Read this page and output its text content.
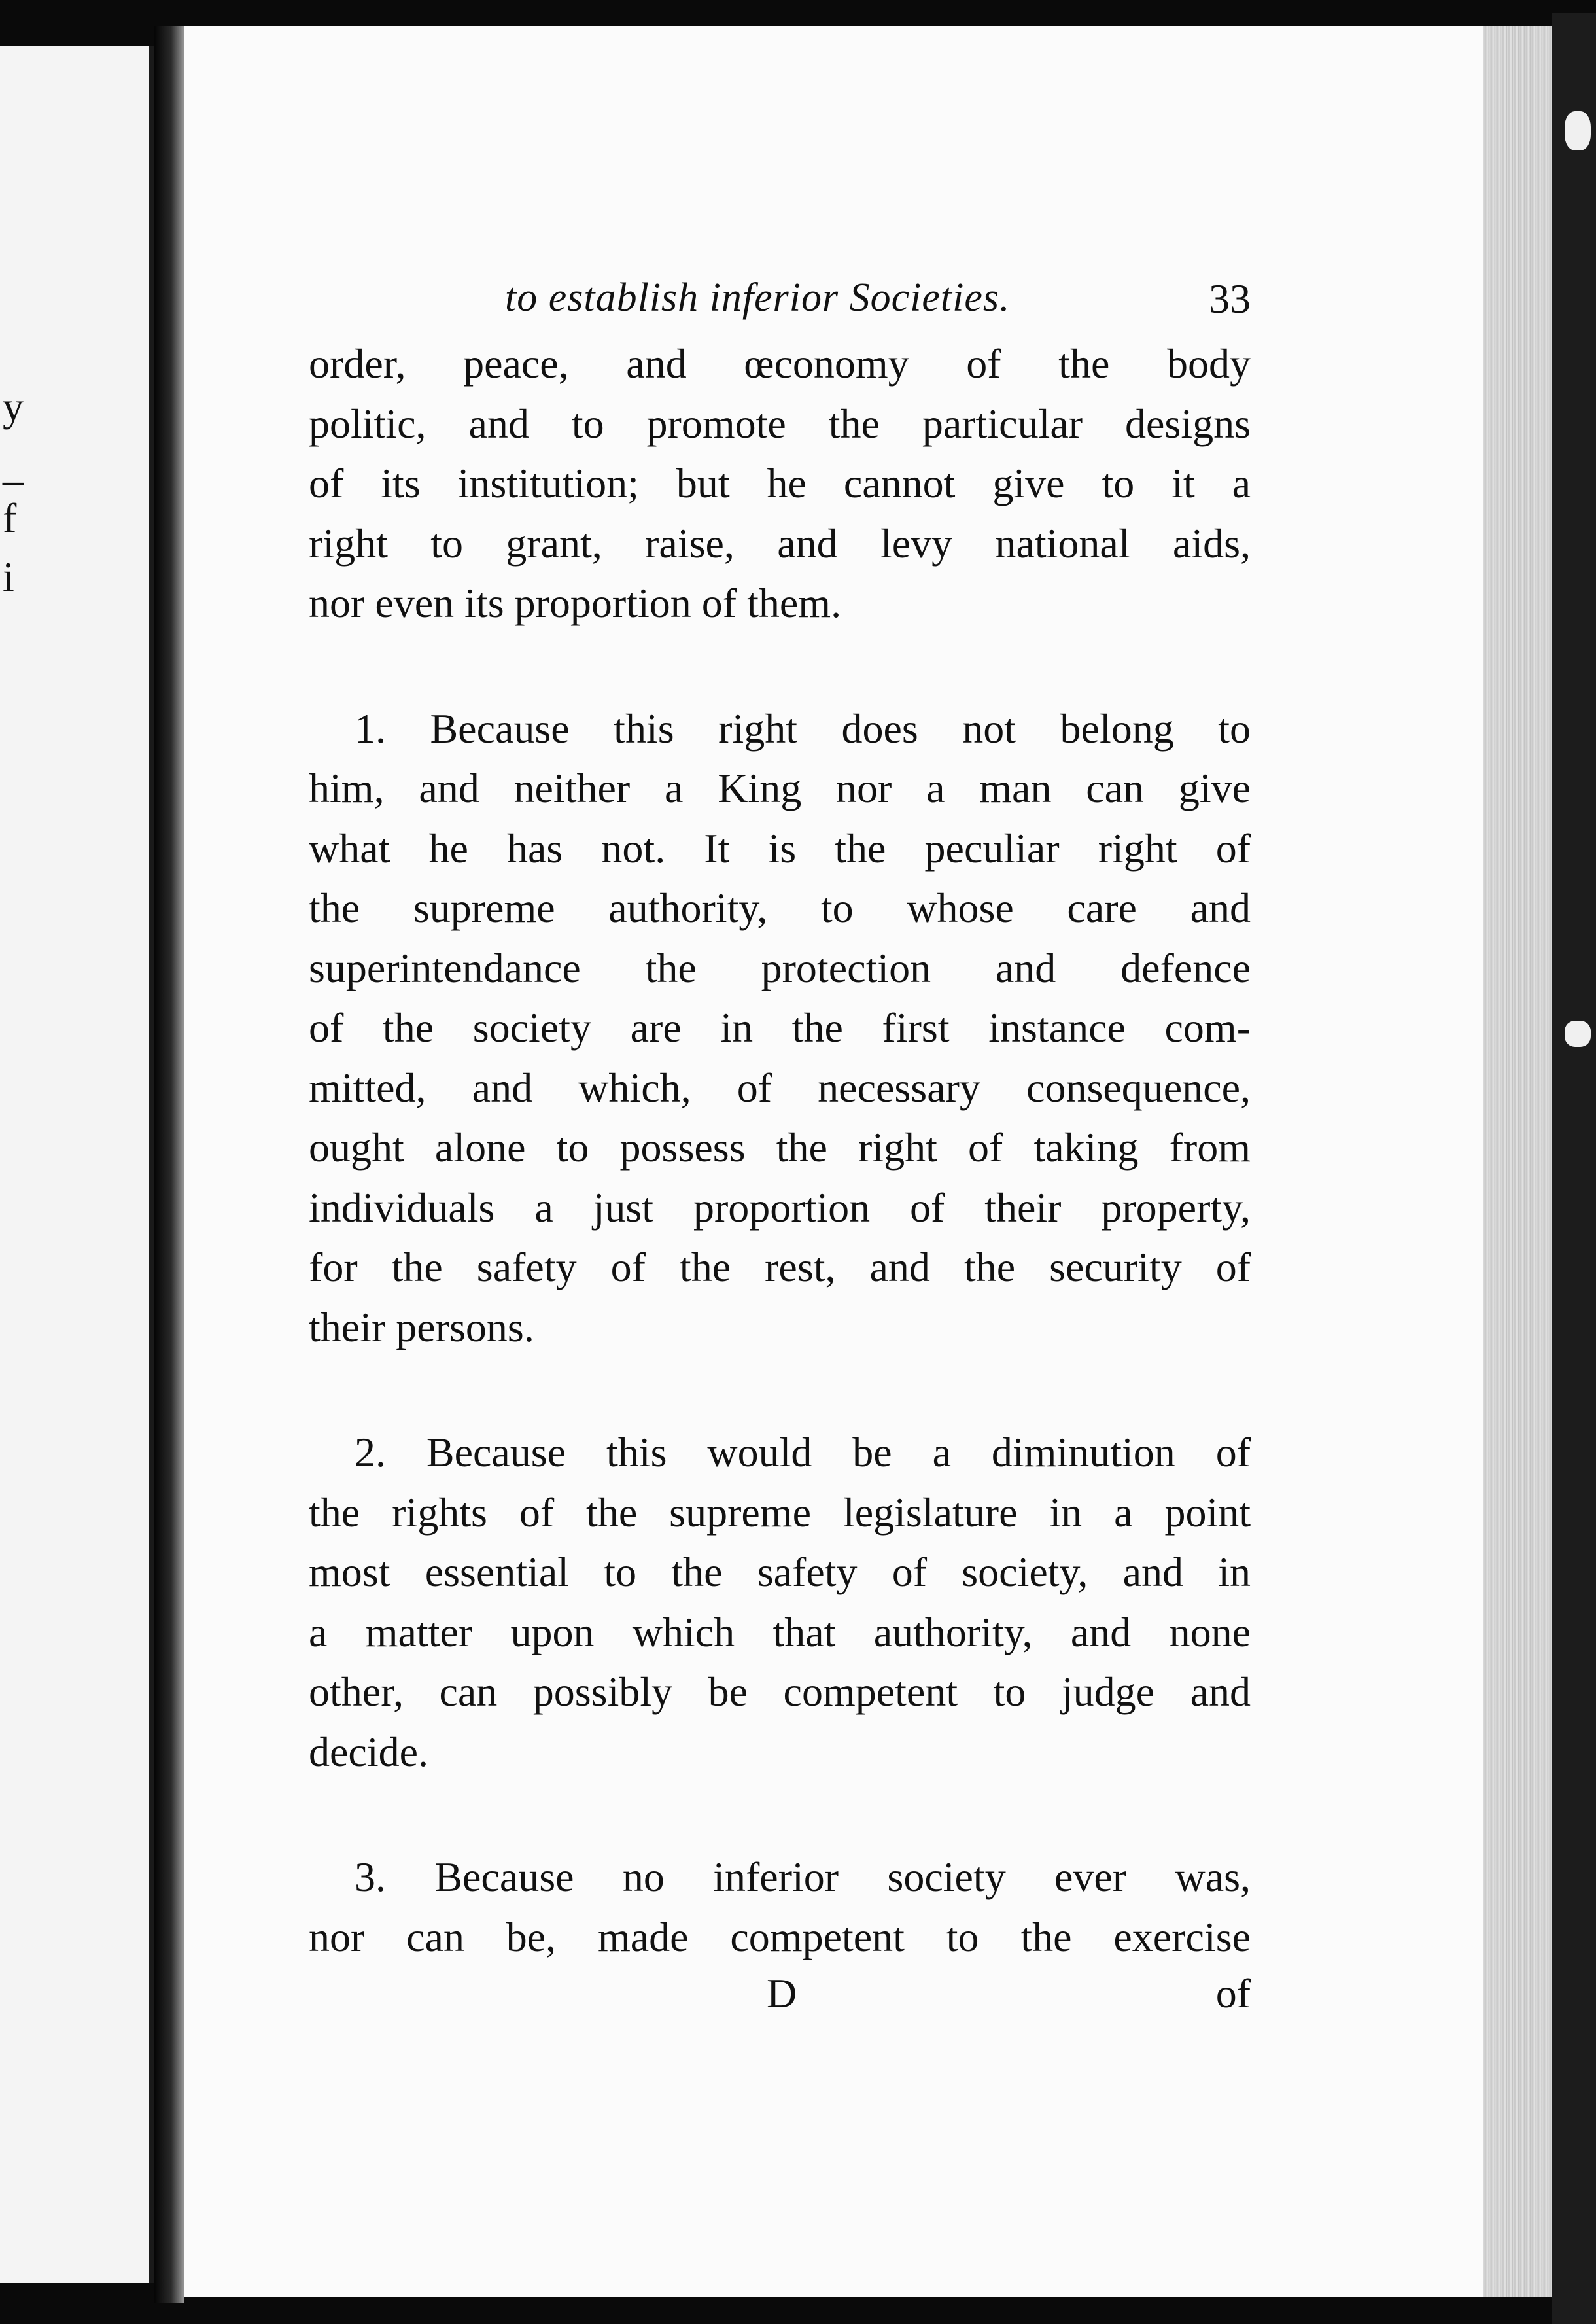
y
_
f
i
to establish inferior Societies.	33

order, peace, and œconomy of the body
politic, and to promote the particular designs
of its institution; but he cannot give to it a
right to grant, raise, and levy national aids,
nor even its proportion of them.

1. Because this right does not belong to
him, and neither a King nor a man can give
what he has not. It is the peculiar right of
the supreme authority, to whose care and
superintendance the protection and defence
of the society are in the first instance com-
mitted, and which, of necessary consequence,
ought alone to possess the right of taking from
individuals a just proportion of their property,
for the safety of the rest, and the security of
their persons.

2. Because this would be a diminution of
the rights of the supreme legislature in a point
most essential to the safety of society, and in
a matter upon which that authority, and none
other, can possibly be competent to judge and
decide.

3. Because no inferior society ever was,
nor can be, made competent to the exercise

D	of
